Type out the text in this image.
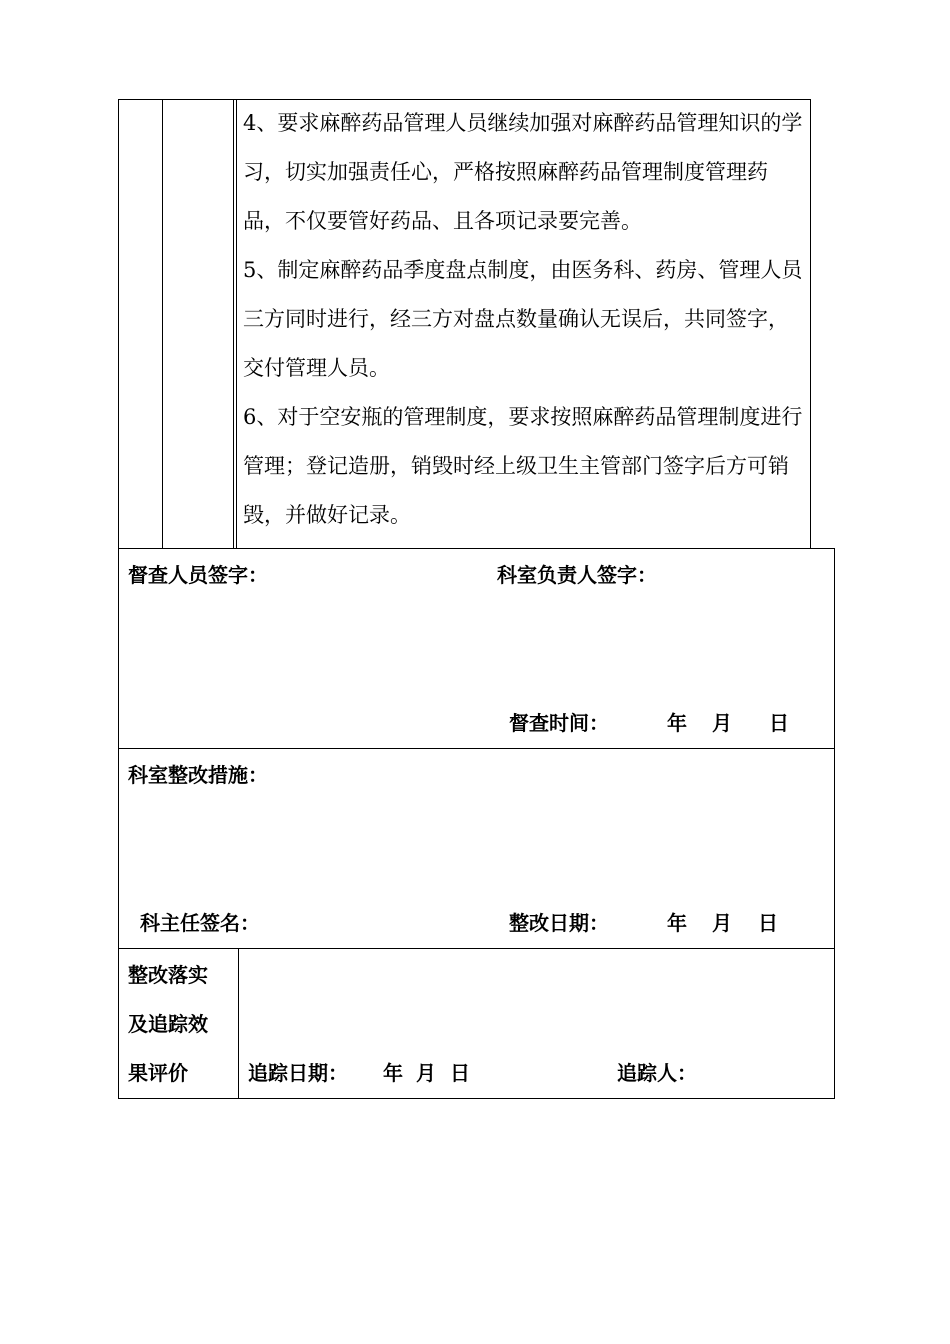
4、要求麻醉药品管理人员继续加强对麻醉药品管理知识的学习，切实加强责任心，严格按照麻醉药品管理制度管理药品，不仅要管好药品、且各项记录要完善。

5、制定麻醉药品季度盘点制度，由医务科、药房、管理人员三方同时进行，经三方对盘点数量确认无误后，共同签字，交付管理人员。

6、对于空安瓶的管理制度，要求按照麻醉药品管理制度进行管理；登记造册，销毁时经上级卫生主管部门签字后方可销毁，并做好记录。

督查人员签字：	科室负责人签字：
督查时间：	年 月 日
科室整改措施：
科主任签名：	整改日期：	年 月 日
整改落实
及追踪效
果评价	追踪日期： 年 月 日	追踪人：
